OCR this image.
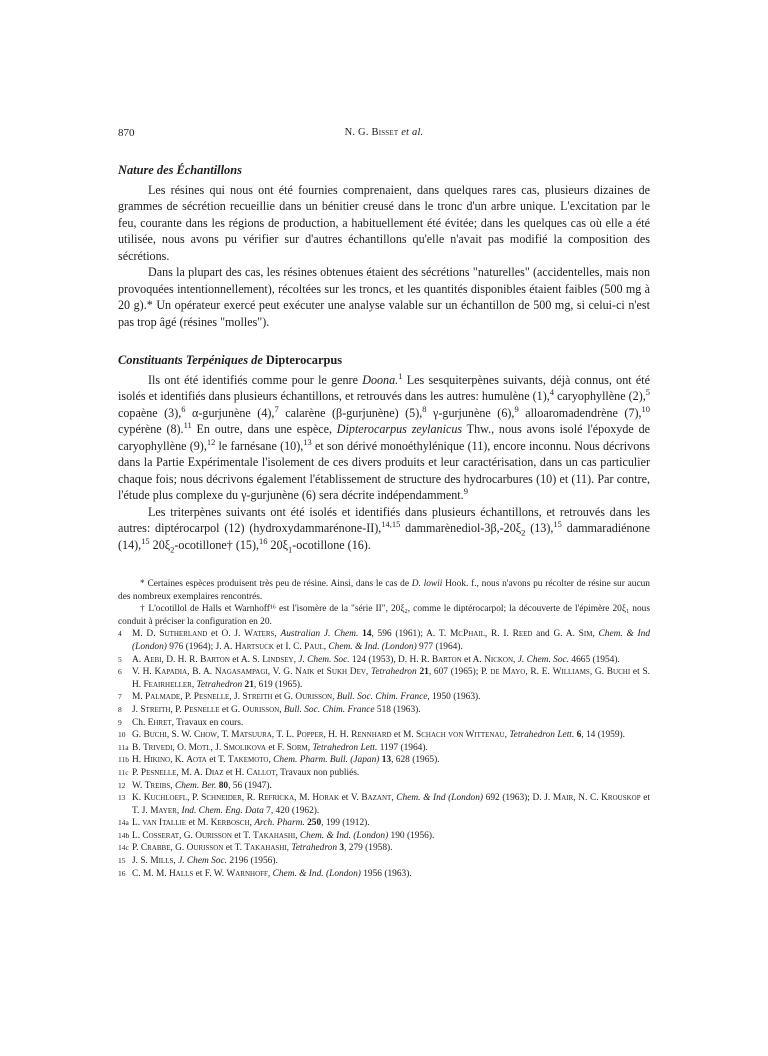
870	N. G. Bisset et al.
Nature des Échantillons

Les résines qui nous ont été fournies comprenaient, dans quelques rares cas, plusieurs dizaines de grammes de sécrétion recueillie dans un bénitier creusé dans le tronc d'un arbre unique. L'excitation par le feu, courante dans les régions de production, a habituellement été évitée; dans les quelques cas où elle a été utilisée, nous avons pu vérifier sur d'autres échantillons qu'elle n'avait pas modifié la composition des sécrétions.

Dans la plupart des cas, les résines obtenues étaient des sécrétions "naturelles" (accidentelles, mais non provoquées intentionnellement), récoltées sur les troncs, et les quantités disponibles étaient faibles (500 mg à 20 g).* Un opérateur exercé peut exécuter une analyse valable sur un échantillon de 500 mg, si celui-ci n'est pas trop âgé (résines "molles").

Constituants Terpéniques de Dipterocarpus

Ils ont été identifiés comme pour le genre Doona.$^1$ Les sesquiterpènes suivants, déjà connus, ont été isolés et identifiés dans plusieurs échantillons, et retrouvés dans les autres: humulène (1),$^4$ caryophyllène (2),$^5$ copaène (3),$^6$ α-gurjunène (4),$^7$ calarène (β-gurjunène) (5),$^8$ γ-gurjunène (6),$^9$ alloaromadendrène (7),$^{10}$ cypérène (8).$^{11}$ En outre, dans une espèce, Dipterocarpus zeylanicus Thw., nous avons isolé l'époxyde de caryophyllène (9),$^{12}$ le farnésane (10),$^{13}$ et son dérivé monoéthylénique (11), encore inconnu. Nous décrivons dans la Partie Expérimentale l'isolement de ces divers produits et leur caractérisation, dans un cas particulier chaque fois; nous décrivons également l'établissement de structure des hydrocarbures (10) et (11). Par contre, l'étude plus complexe du γ-gurjunène (6) sera décrite indépendamment.$^9$

Les triterpènes suivants ont été isolés et identifiés dans plusieurs échantillons, et retrouvés dans les autres: diptérocarpol (12) (hydroxydammarénone-II),$^{14,15}$ dammarènediol-$3\beta,-20\xi_2$ (13),$^{15}$ dammaradiénone (14),$^{15}$ $20\xi_2-ocotillone\dagger$ (15),$^{16}$ $20\xi_1$-ocotillone (16).

* Certaines espèces produisent très peu de résine. Ainsi, dans le cas de D. lowii Hook. f., nous n'avons pu récolter de résine sur aucun des nombreux exemplaires rencontrés.

† L'ocotillol de Halls et Warnhoff¹⁶ est l'isomère de la "série II", 20ξ₂, comme le diptérocarpol; la découverte de l'épimère 20ξ₁ nous conduit à préciser la configuration en 20.

4 M. D. Sutherland et O. J. Waters, Australian J. Chem. 14, 596 (1961); A. T. McPhail, R. I. Reed and G. A. Sim, Chem. & Ind (London) 976 (1964); J. A. Hartsuck et I. C. Paul, Chem. & Ind. (London) 977 (1964).

5 A. Aebi, D. H. R. Barton et A. S. Lindsey, J. Chem. Soc. 124 (1953), D. H. R. Barton et A. Nickon, J. Chem. Soc. 4665 (1954).

6 V. H. Kapadia, B. A. Nagasampagi, V. G. Naik et Sukh Dev, Tetrahedron 21, 607 (1965); P. de Mayo, R. E. Williams, G. Buchi et S. H. Feairheller, Tetrahedron 21, 619 (1965).

7 M. Palmade, P. Pesnelle, J. Streith et G. Ourisson, Bull. Soc. Chim. France, 1950 (1963).

8 J. Streith, P. Pesnelle et G. Ourisson, Bull. Soc. Chim. France 518 (1963).

9 Ch. Ehret, Travaux en cours.

10 G. Buchi, S. W. Chow, T. Matsuura, T. L. Popper, H. H. Rennhard et M. Schach von Wittenau, Tetrahedron Lett. 6, 14 (1959).

11a B. Trivedi, O. Motl, J. Smolikova et F. Sorm, Tetrahedron Lett. 1197 (1964).

11b H. Hikino, K. Aota et T. Takemoto, Chem. Pharm. Bull. (Japan) 13, 628 (1965).

11c P. Pesnelle, M. A. Diaz et H. Callot, Travaux non publiés.

12 W. Treibs, Chem. Ber. 80, 56 (1947).

13 K. Kuchloefl, P. Schneider, R. Refricka, M. Horak et V. Bazant, Chem. & Ind (London) 692 (1963); D. J. Mair, N. C. Krouskop et T. J. Mayer, Ind. Chem. Eng. Data 7, 420 (1962).

14a L. van Itallie et M. Kerbosch, Arch. Pharm. 250, 199 (1912).

14b L. Cosserat, G. Ourisson et T. Takahashi, Chem. & Ind. (London) 190 (1956).

14c P. Crabbe, G. Ourisson et T. Takahashi, Tetrahedron 3, 279 (1958).

15 J. S. Mills, J. Chem Soc. 2196 (1956).

16 C. M. M. Halls et F. W. Warnhoff, Chem. & Ind. (London) 1956 (1963).
